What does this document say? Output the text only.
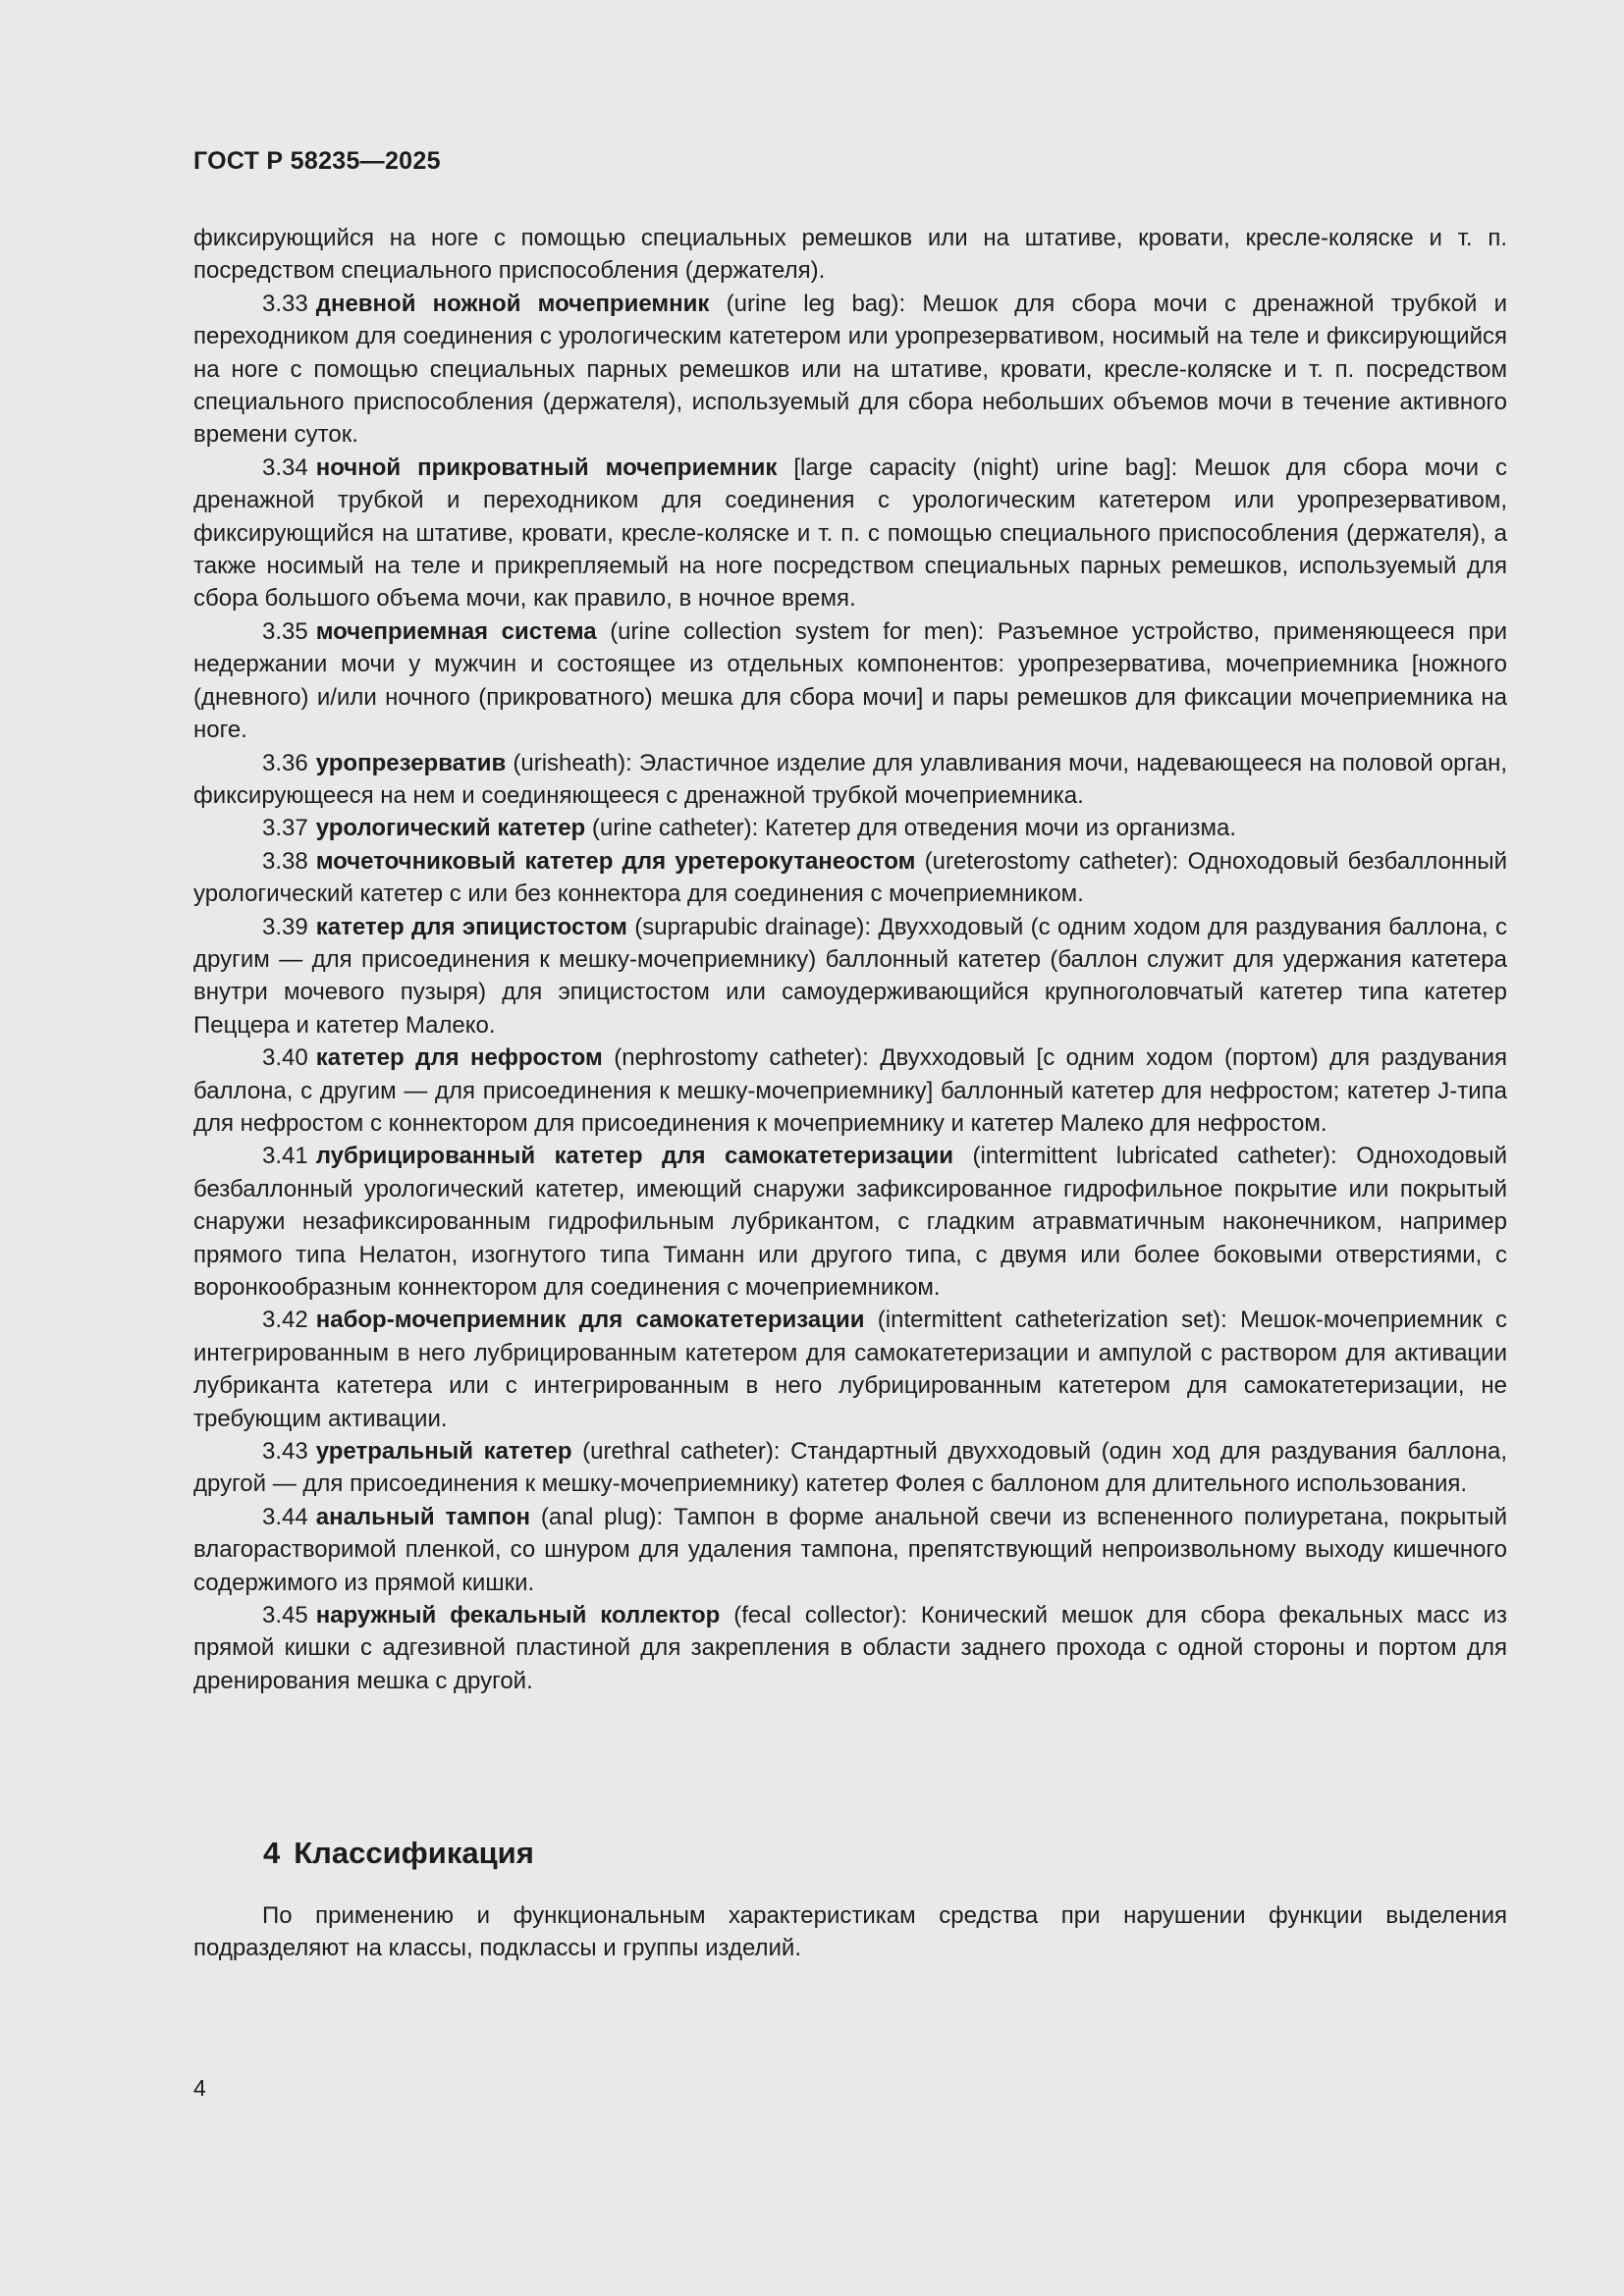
ГОСТ Р 58235—2025

фиксирующийся на ноге с помощью специальных ремешков или на штативе, кровати, кресле-коляске и т. п. посредством специального приспособления (держателя).

3.33 дневной ножной мочеприемник (urine leg bag): Мешок для сбора мочи с дренажной трубкой и переходником для соединения с урологическим катетером или уропрезервативом, носимый на теле и фиксирующийся на ноге с помощью специальных парных ремешков или на штативе, кровати, кресле-коляске и т. п. посредством специального приспособления (держателя), используемый для сбора небольших объемов мочи в течение активного времени суток.

3.34 ночной прикроватный мочеприемник [large capacity (night) urine bag]: Мешок для сбора мочи с дренажной трубкой и переходником для соединения с урологическим катетером или уропрезервативом, фиксирующийся на штативе, кровати, кресле-коляске и т. п. с помощью специального приспособления (держателя), а также носимый на теле и прикрепляемый на ноге посредством специальных парных ремешков, используемый для сбора большого объема мочи, как правило, в ночное время.

3.35 мочеприемная система (urine collection system for men): Разъемное устройство, применяющееся при недержании мочи у мужчин и состоящее из отдельных компонентов: уропрезерватива, мочеприемника [ножного (дневного) и/или ночного (прикроватного) мешка для сбора мочи] и пары ремешков для фиксации мочеприемника на ноге.

3.36 уропрезерватив (urisheath): Эластичное изделие для улавливания мочи, надевающееся на половой орган, фиксирующееся на нем и соединяющееся с дренажной трубкой мочеприемника.

3.37 урологический катетер (urine catheter): Катетер для отведения мочи из организма.

3.38 мочеточниковый катетер для уретерокутанеостом (ureterostomy catheter): Одноходовый безбаллонный урологический катетер с или без коннектора для соединения с мочеприемником.

3.39 катетер для эпицистостом (suprapubic drainage): Двухходовый (с одним ходом для раздувания баллона, с другим — для присоединения к мешку-мочеприемнику) баллонный катетер (баллон служит для удержания катетера внутри мочевого пузыря) для эпицистостом или самоудерживающийся крупноголовчатый катетер типа катетер Пеццера и катетер Малеко.

3.40 катетер для нефростом (nephrostomy catheter): Двухходовый [с одним ходом (портом) для раздувания баллона, с другим — для присоединения к мешку-мочеприемнику] баллонный катетер для нефростом; катетер J-типа для нефростом с коннектором для присоединения к мочеприемнику и катетер Малеко для нефростом.

3.41 лубрицированный катетер для самокатетеризации (intermittent lubricated catheter): Одноходовый безбаллонный урологический катетер, имеющий снаружи зафиксированное гидрофильное покрытие или покрытый снаружи незафиксированным гидрофильным лубрикантом, с гладким атравматичным наконечником, например прямого типа Нелатон, изогнутого типа Тиманн или другого типа, с двумя или более боковыми отверстиями, с воронкообразным коннектором для соединения с мочеприемником.

3.42 набор-мочеприемник для самокатетеризации (intermittent catheterization set): Мешок-мочеприемник с интегрированным в него лубрицированным катетером для самокатетеризации и ампулой с раствором для активации лубриканта катетера или с интегрированным в него лубрицированным катетером для самокатетеризации, не требующим активации.

3.43 уретральный катетер (urethral catheter): Стандартный двухходовый (один ход для раздувания баллона, другой — для присоединения к мешку-мочеприемнику) катетер Фолея с баллоном для длительного использования.

3.44 анальный тампон (anal plug): Тампон в форме анальной свечи из вспененного полиуретана, покрытый влагорастворимой пленкой, со шнуром для удаления тампона, препятствующий непроизвольному выходу кишечного содержимого из прямой кишки.

3.45 наружный фекальный коллектор (fecal collector): Конический мешок для сбора фекальных масс из прямой кишки с адгезивной пластиной для закрепления в области заднего прохода с одной стороны и портом для дренирования мешка с другой.

4 Классификация

По применению и функциональным характеристикам средства при нарушении функции выделения подразделяют на классы, подклассы и группы изделий.

4
